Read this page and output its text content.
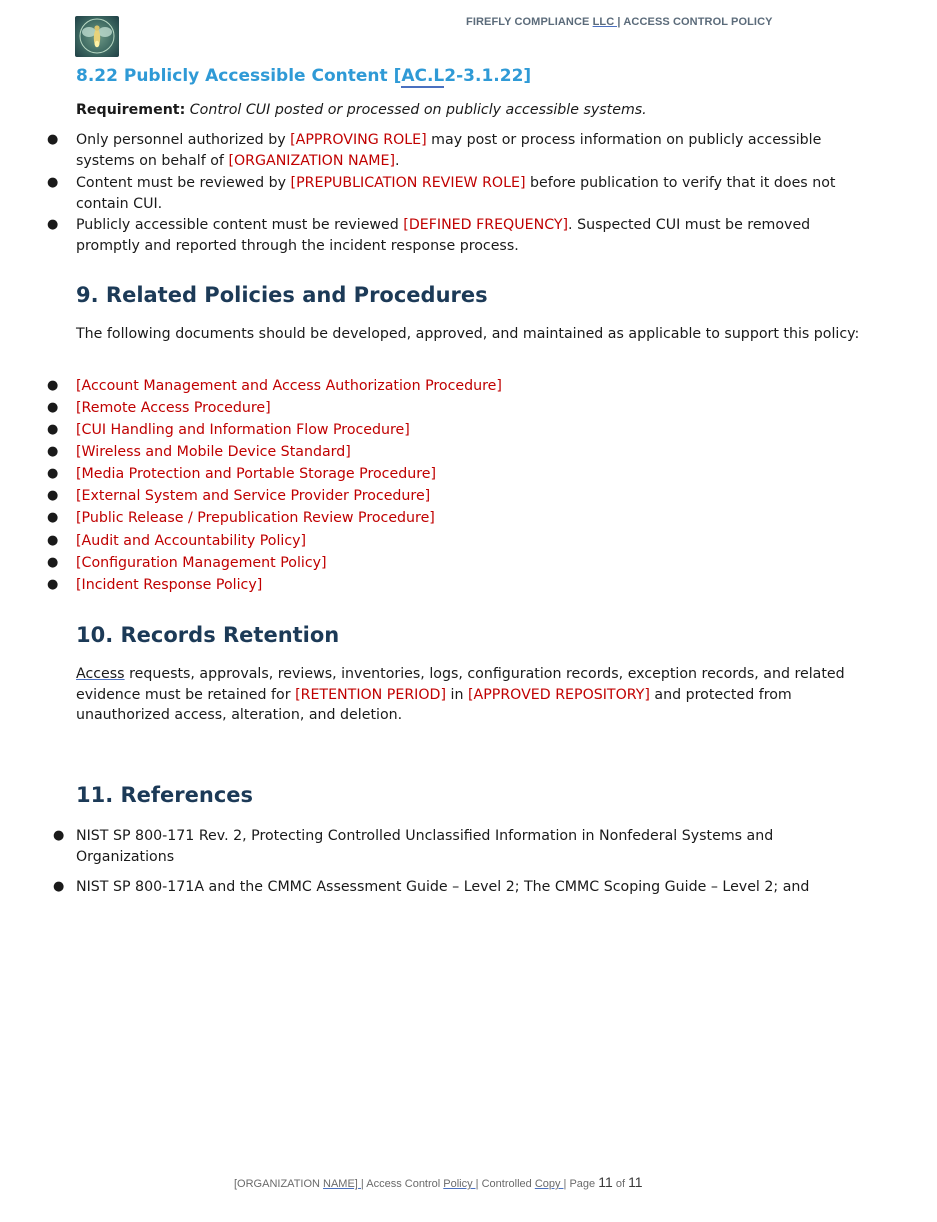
FIREFLY COMPLIANCE LLC | ACCESS CONTROL POLICY
8.22 Publicly Accessible Content [AC.L2-3.1.22]

Requirement: Control CUI posted or processed on publicly accessible systems.

● Only personnel authorized by [APPROVING ROLE] may post or process information on publicly accessible systems on behalf of [ORGANIZATION NAME].

● Content must be reviewed by [PREPUBLICATION REVIEW ROLE] before publication to verify that it does not contain CUI.

● Publicly accessible content must be reviewed [DEFINED FREQUENCY]. Suspected CUI must be removed promptly and reported through the incident response process.

9. Related Policies and Procedures

The following documents should be developed, approved, and maintained as applicable to support this policy:

● [Account Management and Access Authorization Procedure]

● [Remote Access Procedure]

● [CUI Handling and Information Flow Procedure]

● [Wireless and Mobile Device Standard]

● [Media Protection and Portable Storage Procedure]

● [External System and Service Provider Procedure]

● [Public Release / Prepublication Review Procedure]

● [Audit and Accountability Policy]

● [Configuration Management Policy]

● [Incident Response Policy]

10. Records Retention

Access requests, approvals, reviews, inventories, logs, configuration records, exception records, and related evidence must be retained for [RETENTION PERIOD] in [APPROVED REPOSITORY] and protected from unauthorized access, alteration, and deletion.

11. References
● NIST SP 800-171 Rev. 2, Protecting Controlled Unclassified Information in Nonfederal Systems and Organizations

● NIST SP 800-171A and the CMMC Assessment Guide – Level 2; The CMMC Scoping Guide – Level 2; and

[ORGANIZATION NAME] | Access Control Policy | Controlled Copy | Page 11 of 11
